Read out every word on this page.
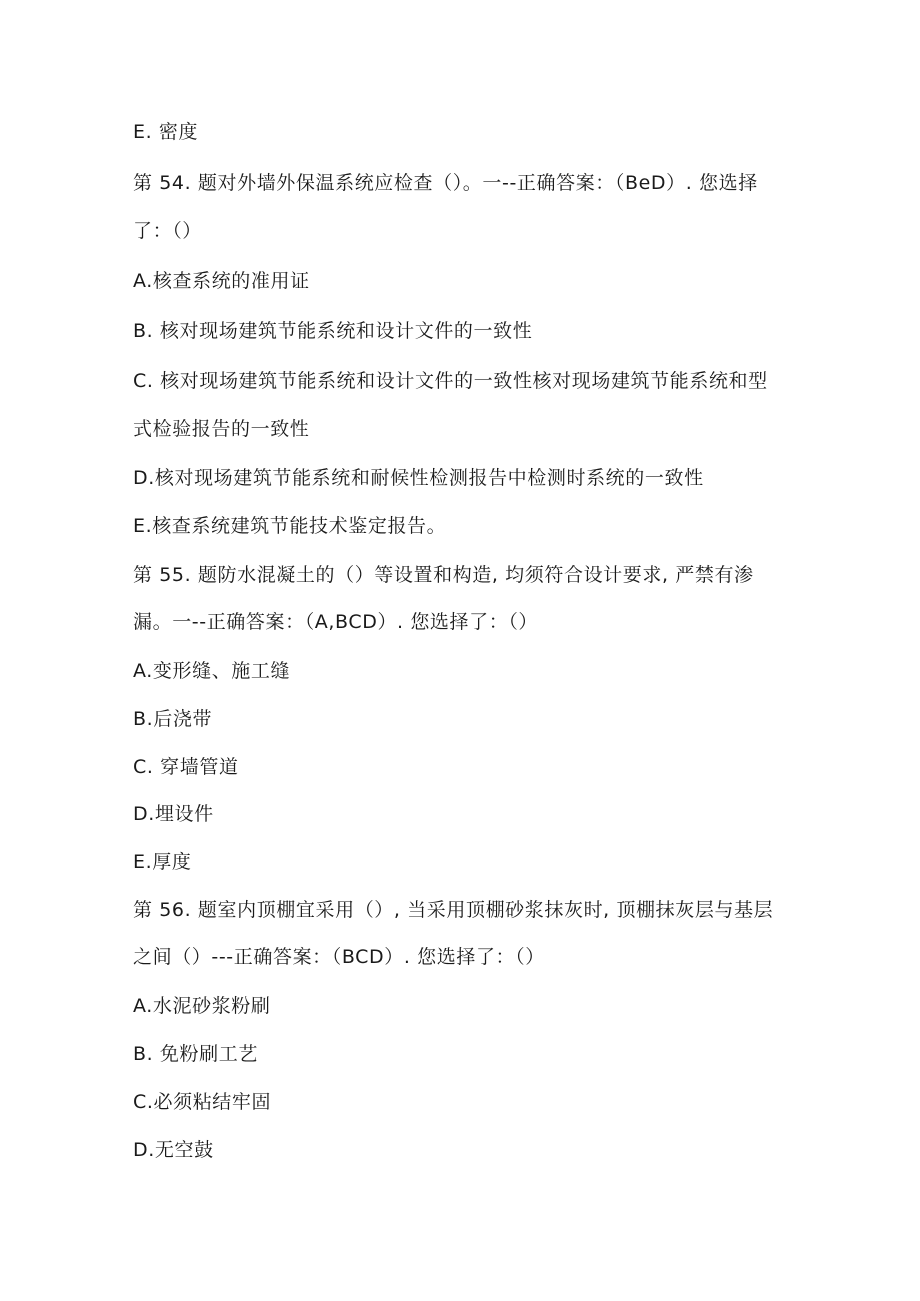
E. 密度
第 54. 题对外墙外保温系统应检查（）。一--正确答案：（BeD）. 您选择
了：（）
A.核查系统的准用证
B. 核对现场建筑节能系统和设计文件的一致性
C. 核对现场建筑节能系统和设计文件的一致性核对现场建筑节能系统和型
式检验报告的一致性
D.核对现场建筑节能系统和耐候性检测报告中检测时系统的一致性
E.核查系统建筑节能技术鉴定报告。
第 55. 题防水混凝土的（）等设置和构造, 均须符合设计要求, 严禁有渗
漏。一--正确答案：（A,BCD）. 您选择了：（）
A.变形缝、施工缝
B.后浇带
C. 穿墙管道
D.埋设件
E.厚度
第 56. 题室内顶棚宜采用（）, 当采用顶棚砂浆抹灰时, 顶棚抹灰层与基层
之间（）---正确答案：（BCD）. 您选择了：（）
A.水泥砂浆粉刷
B. 免粉刷工艺
C.必须粘结牢固
D.无空鼓
